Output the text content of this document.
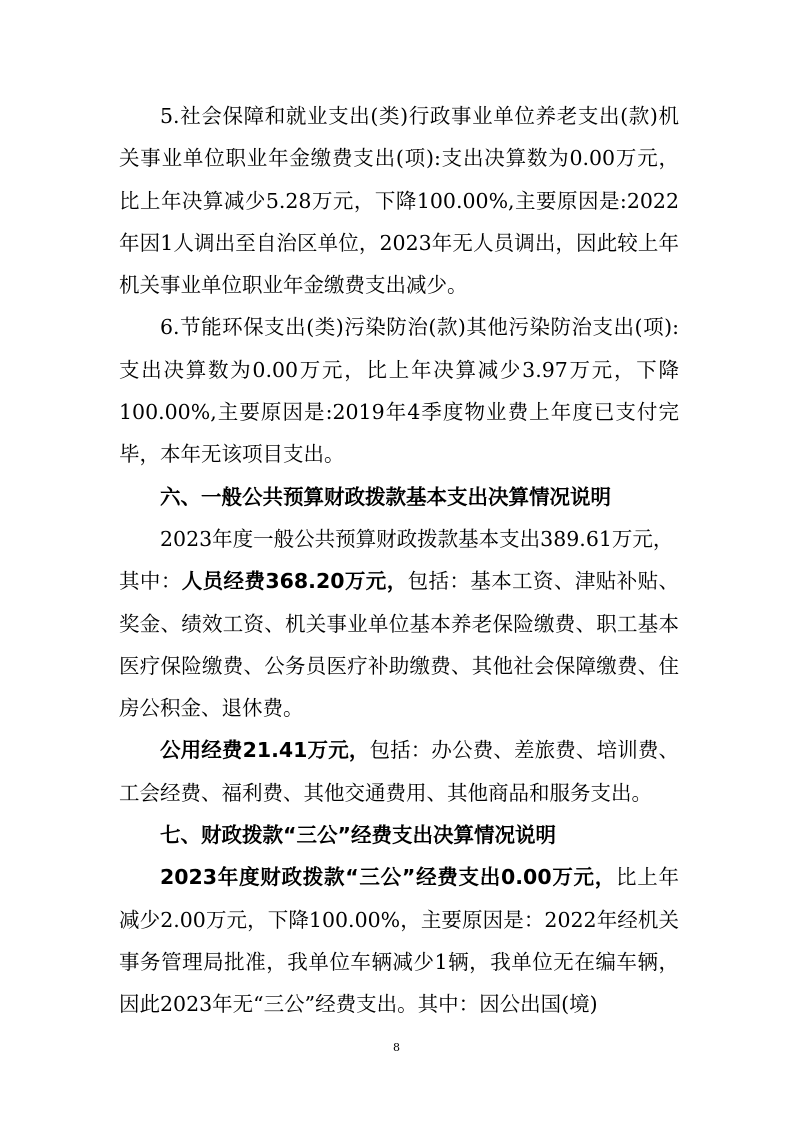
5.社会保障和就业支出(类)行政事业单位养老支出(款)机关事业单位职业年金缴费支出(项):支出决算数为0.00万元，比上年决算减少5.28万元，下降100.00%,主要原因是:2022年因1人调出至自治区单位，2023年无人员调出，因此较上年机关事业单位职业年金缴费支出减少。

6.节能环保支出(类)污染防治(款)其他污染防治支出(项):支出决算数为0.00万元，比上年决算减少3.97万元，下降100.00%,主要原因是:2019年4季度物业费上年度已支付完毕，本年无该项目支出。

六、一般公共预算财政拨款基本支出决算情况说明

2023年度一般公共预算财政拨款基本支出389.61万元，

其中：人员经费368.20万元，包括：基本工资、津贴补贴、奖金、绩效工资、机关事业单位基本养老保险缴费、职工基本医疗保险缴费、公务员医疗补助缴费、其他社会保障缴费、住房公积金、退休费。

公用经费21.41万元，包括：办公费、差旅费、培训费、工会经费、福利费、其他交通费用、其他商品和服务支出。

七、财政拨款“三公”经费支出决算情况说明

2023年度财政拨款“三公”经费支出0.00万元，比上年减少2.00万元，下降100.00%，主要原因是：2022年经机关事务管理局批准，我单位车辆减少1辆，我单位无在编车辆，因此2023年无“三公”经费支出。其中：因公出国(境)

8
